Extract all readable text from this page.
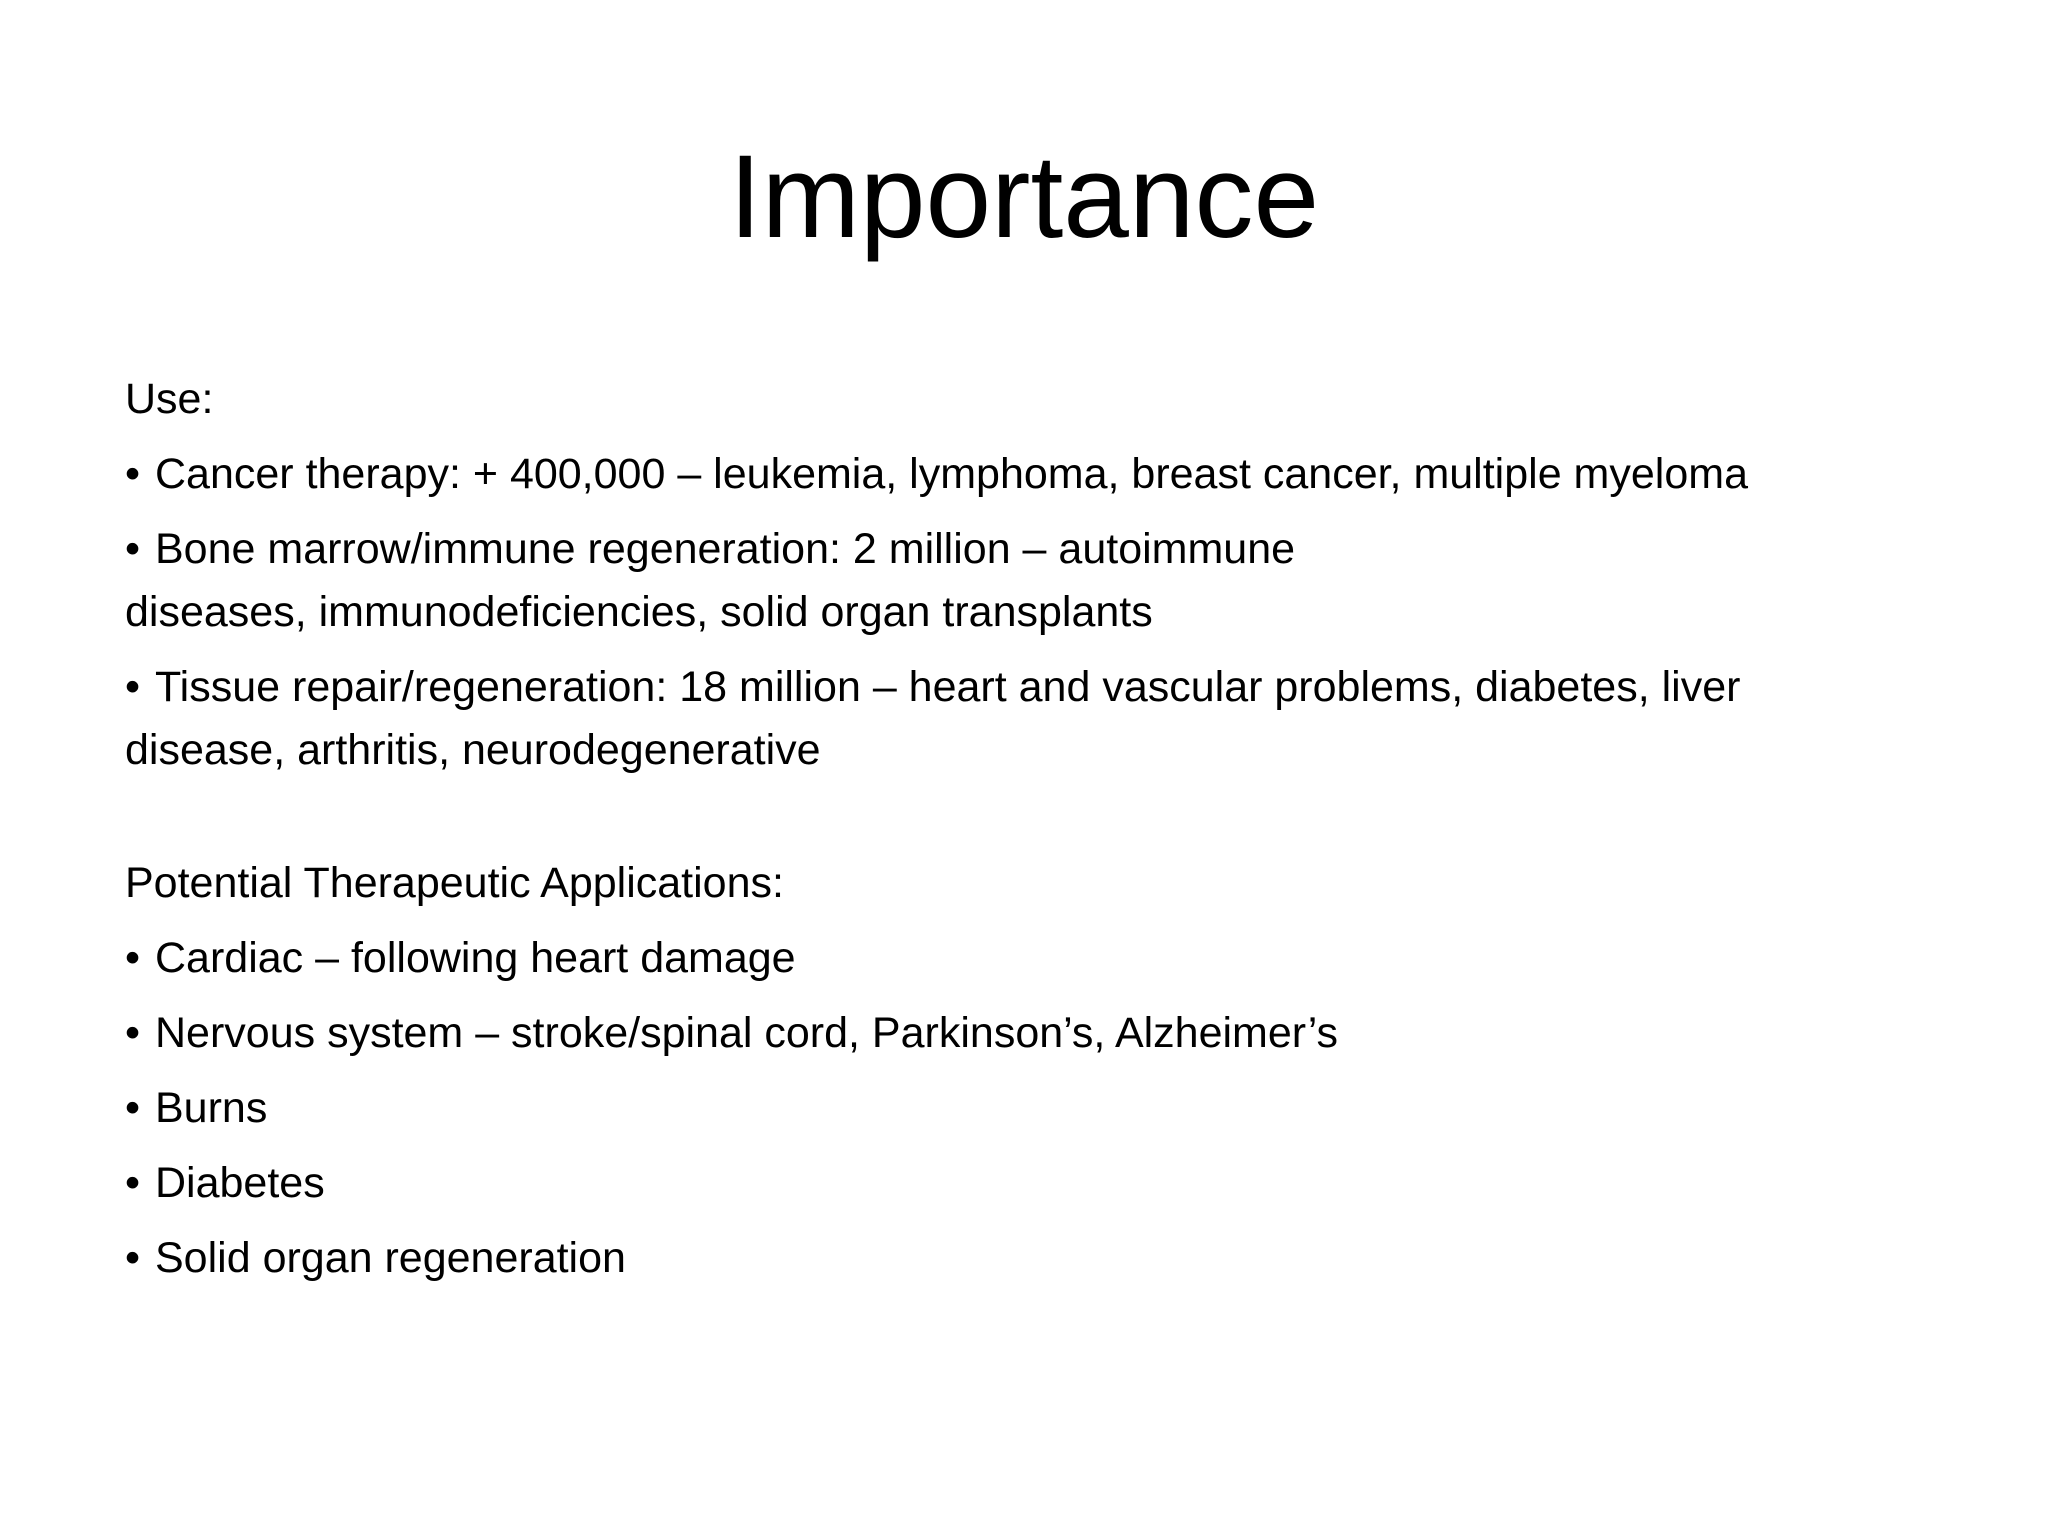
Importance
Use:
• Cancer therapy: + 400,000 – leukemia, lymphoma, breast cancer, multiple myeloma
• Bone marrow/immune regeneration: 2 million – autoimmune
diseases, immunodeficiencies, solid organ transplants
• Tissue repair/regeneration: 18 million – heart and vascular problems, diabetes, liver
disease, arthritis, neurodegenerative
Potential Therapeutic Applications:
• Cardiac – following heart damage
• Nervous system – stroke/spinal cord, Parkinson’s, Alzheimer’s
• Burns
• Diabetes
• Solid organ regeneration
